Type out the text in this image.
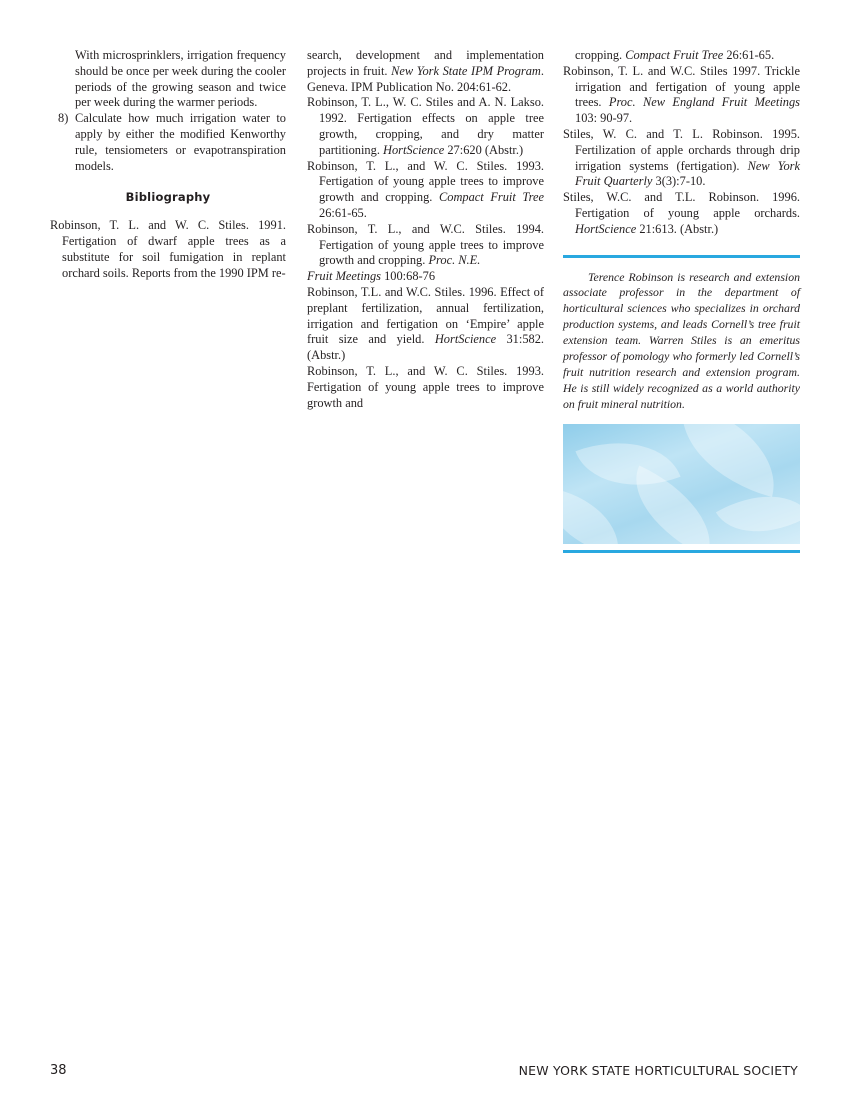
With microsprinklers, irrigation frequency should be once per week during the cooler periods of the growing season and twice per week during the warmer periods.

8) Calculate how much irrigation water to apply by either the modified Kenworthy rule, tensiometers or evapotranspiration models.

Bibliography

Robinson, T. L. and W. C. Stiles. 1991. Fertigation of dwarf apple trees as a substitute for soil fumigation in replant orchard soils. Reports from the 1990 IPM re-

search, development and implementation projects in fruit. New York State IPM Program. Geneva. IPM Publication No. 204:61-62.

Robinson, T. L., W. C. Stiles and A. N. Lakso. 1992. Fertigation effects on apple tree growth, cropping, and dry matter partitioning. HortScience 27:620 (Abstr.)

Robinson, T. L., and W. C. Stiles. 1993. Fertigation of young apple trees to improve growth and cropping. Compact Fruit Tree 26:61-65.

Robinson, T. L., and W.C. Stiles. 1994. Fertigation of young apple trees to improve growth and cropping. Proc. N.E.

Fruit Meetings 100:68-76

Robinson, T.L. and W.C. Stiles. 1996. Effect of preplant fertilization, annual fertilization, irrigation and fertigation on ‘Empire’ apple fruit size and yield. HortScience 31:582. (Abstr.)

Robinson, T. L., and W. C. Stiles. 1993. Fertigation of young apple trees to improve growth and

cropping. Compact Fruit Tree 26:61-65.

Robinson, T. L. and W.C. Stiles 1997. Trickle irrigation and fertigation of young apple trees. Proc. New England Fruit Meetings 103: 90-97.

Stiles, W. C. and T. L. Robinson. 1995. Fertilization of apple orchards through drip irrigation systems (fertigation). New York Fruit Quarterly 3(3):7-10.

Stiles, W.C. and T.L. Robinson. 1996. Fertigation of young apple orchards. HortScience 21:613. (Abstr.)

Terence Robinson is research and extension associate professor in the department of horticultural sciences who specializes in orchard production systems, and leads Cornell’s tree fruit extension team. Warren Stiles is an emeritus professor of pomology who formerly led Cornell’s fruit nutrition research and extension program. He is still widely recognized as a world authority on fruit mineral nutrition.

38	NEW YORK STATE HORTICULTURAL SOCIETY
